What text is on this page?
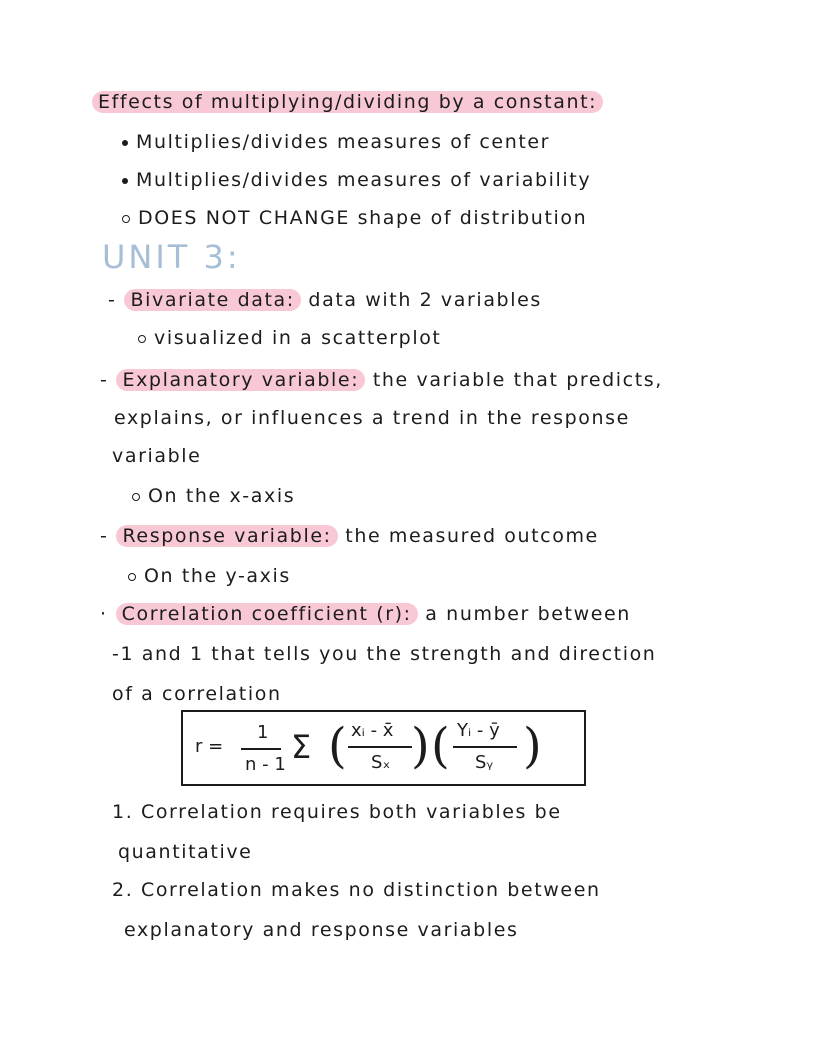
Effects of multiplying/dividing by a constant:
Multiplies/divides measures of center
Multiplies/divides measures of variability
DOES NOT CHANGE shape of distribution
UNIT 3:
- Bivariate data: data with 2 variables
visualized in a scatterplot
- Explanatory variable: the variable that predicts,
explains, or influences a trend in the response
variable
On the x-axis
- Response variable: the measured outcome
On the y-axis
· Correlation coefficient (r): a number between
-1 and 1 that tells you the strength and direction
of a correlation
r =
1
n - 1 Σ ( xᵢ - x̄
Sₓ ) ( Yᵢ - ȳ
Sᵧ )
1. Correlation requires both variables be
quantitative
2. Correlation makes no distinction between
explanatory and response variables
